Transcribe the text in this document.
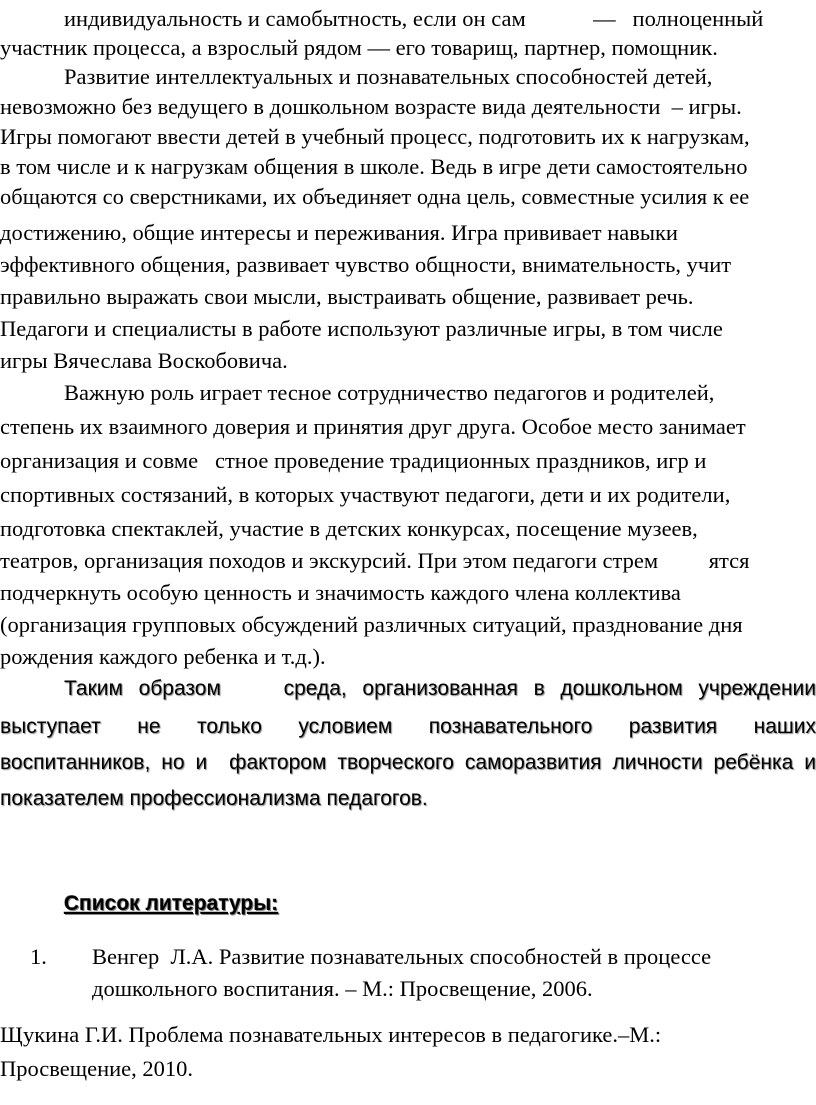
индивидуальность и самобытность, если он сам            —   полноценный
участник процесса, а взрослый рядом — его товарищ, партнер, помощник.
Развитие интеллектуальных и познавательных способностей детей,
невозможно без ведущего в дошкольном возрасте вида деятельности  – игры.
Игры помогают ввести детей в учебный процесс, подготовить их к нагрузкам,
в том числе и к нагрузкам общения в школе. Ведь в игре дети самостоятельно
общаются со сверстниками, их объединяет одна цель, совместные усилия к ее
достижению, общие интересы и переживания. Игра прививает навыки
эффективного общения, развивает чувство общности, внимательность, учит
правильно выражать свои мысли, выстраивать общение, развивает речь.
Педагоги и специалисты в работе используют различные игры, в том числе
игры Вячеслава Воскобовича.
Важную роль играет тесное сотрудничество педагогов и родителей,
степень их взаимного доверия и принятия друг друга. Особое место занимает
организация и совме   стное проведение традиционных праздников, игр и
спортивных состязаний, в которых участвуют педагоги, дети и их родители,
подготовка спектаклей, участие в детских конкурсах, посещение музеев,
театров, организация походов и экскурсий. При этом педагоги стрем         ятся
подчеркнуть особую ценность и значимость каждого члена коллектива
(организация групповых обсуждений различных ситуаций, празднование дня
рождения каждого ребенка и т.д.).
Таким образом    среда, организованная в дошкольном учреждении
выступает не только условием познавательного развития наших
воспитанников, но и  фактором творческого саморазвития личности ребёнка и
показателем профессионализма педагогов.
Список литературы:
1.	Венгер  Л.А. Развитие познавательных способностей в процессе
дошкольного воспитания. – М.: Просвещение, 2006.
Щукина Г.И. Проблема познавательных интересов в педагогике.–М.:
Просвещение, 2010.
